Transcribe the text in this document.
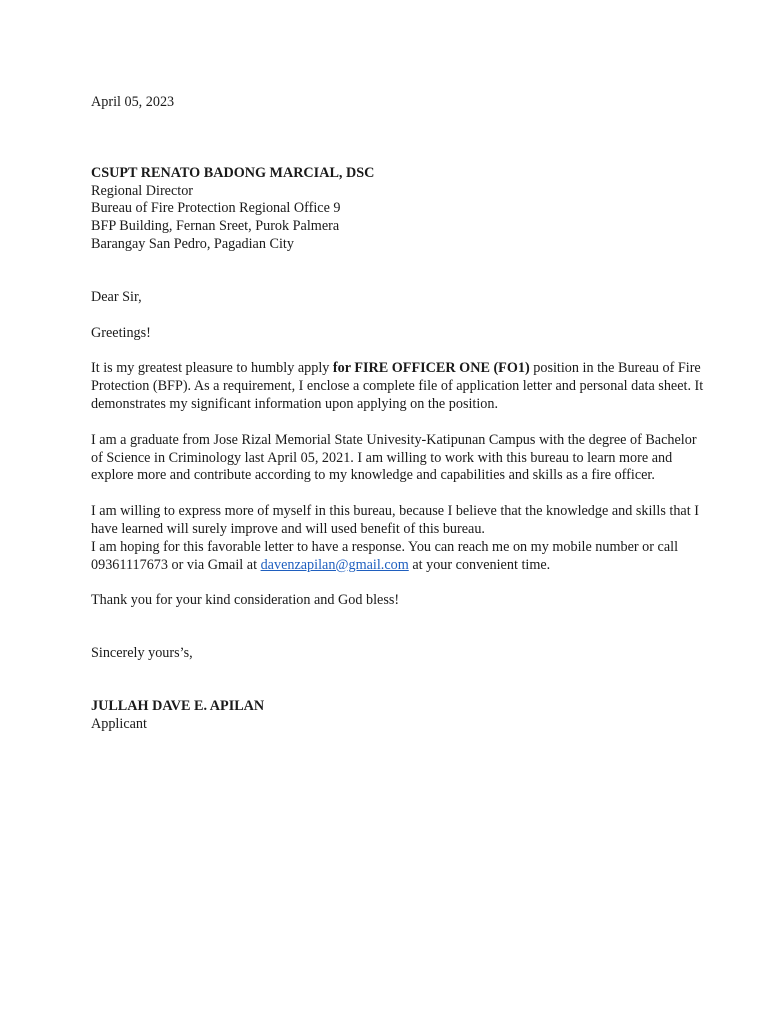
April 05, 2023

CSUPT RENATO BADONG MARCIAL, DSC

Regional Director

Bureau of Fire Protection Regional Office 9

BFP Building, Fernan Sreet, Purok Palmera

Barangay San Pedro, Pagadian City

Dear Sir,

Greetings!

It is my greatest pleasure to humbly apply for FIRE OFFICER ONE (FO1) position in the Bureau of Fire Protection (BFP). As a requirement, I enclose a complete file of application letter and personal data sheet. It demonstrates my significant information upon applying on the position.

I am a graduate from Jose Rizal Memorial State Univesity-Katipunan Campus with the degree of Bachelor of Science in Criminology last April 05, 2021. I am willing to work with this bureau to learn more and explore more and contribute according to my knowledge and capabilities and skills as a fire officer.

I am willing to express more of myself in this bureau, because I believe that the knowledge and skills that I have learned will surely improve and will used benefit of this bureau.

I am hoping for this favorable letter to have a response. You can reach me on my mobile number or call 09361117673 or via Gmail at davenzapilan@gmail.com at your convenient time.

Thank you for your kind consideration and God bless!

Sincerely yours’s,

JULLAH DAVE E. APILAN

Applicant
